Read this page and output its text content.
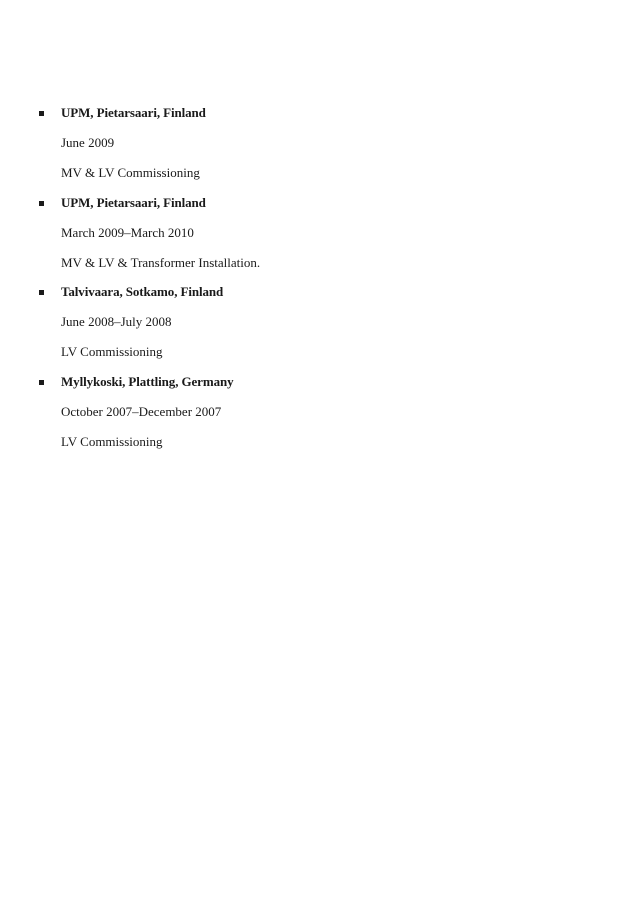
UPM, Pietarsaari, Finland
June 2009
MV & LV Commissioning
UPM, Pietarsaari, Finland
March 2009–March 2010
MV & LV & Transformer Installation.
Talvivaara, Sotkamo, Finland
June 2008–July 2008
LV Commissioning
Myllykoski, Plattling, Germany
October 2007–December 2007
LV Commissioning
